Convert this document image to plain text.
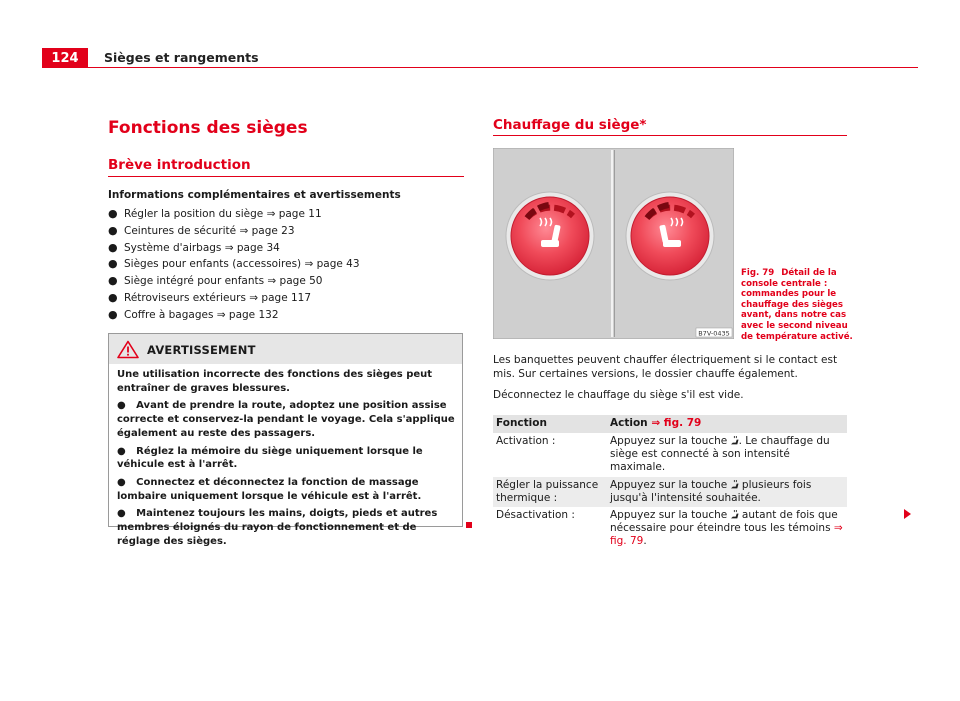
124	Sièges et rangements
Fonctions des sièges
Brève introduction
Informations complémentaires et avertissements
● Régler la position du siège ⇒ page 11
● Ceintures de sécurité ⇒ page 23
● Système d'airbags ⇒ page 34
● Sièges pour enfants (accessoires) ⇒ page 43
● Siège intégré pour enfants ⇒ page 50
● Rétroviseurs extérieurs ⇒ page 117
● Coffre à bagages ⇒ page 132
AVERTISSEMENT

Une utilisation incorrecte des fonctions des sièges peut entraîner de graves blessures.

●   Avant de prendre la route, adoptez une position assise correcte et conservez-la pendant le voyage. Cela s'applique également au reste des passagers.

●   Réglez la mémoire du siège uniquement lorsque le véhicule est à l'arrêt.

●   Connectez et déconnectez la fonction de massage lombaire uniquement lorsque le véhicule est à l'arrêt.

●   Maintenez toujours les mains, doigts, pieds et autres membres éloignés du rayon de fonctionnement et de réglage des sièges.

Chauffage du siège*
B7V-0435
Fig. 79 Détail de la console centrale : commandes pour le chauffage des sièges avant, dans notre cas avec le second niveau de température activé.

Les banquettes peuvent chauffer électriquement si le contact est mis. Sur certaines versions, le dossier chauffe également.

Déconnectez le chauffage du siège s'il est vide.

Fonction	Action ⇒ fig. 79
Activation :	Appuyez sur la touche . Le chauffage du siège est connecté à son intensité maximale.
Régler la puissance thermique :	Appuyez sur la touche  plusieurs fois jusqu'à l'intensité souhaitée.
Désactivation :	Appuyez sur la touche  autant de fois que nécessaire pour éteindre tous les témoins ⇒ fig. 79.
